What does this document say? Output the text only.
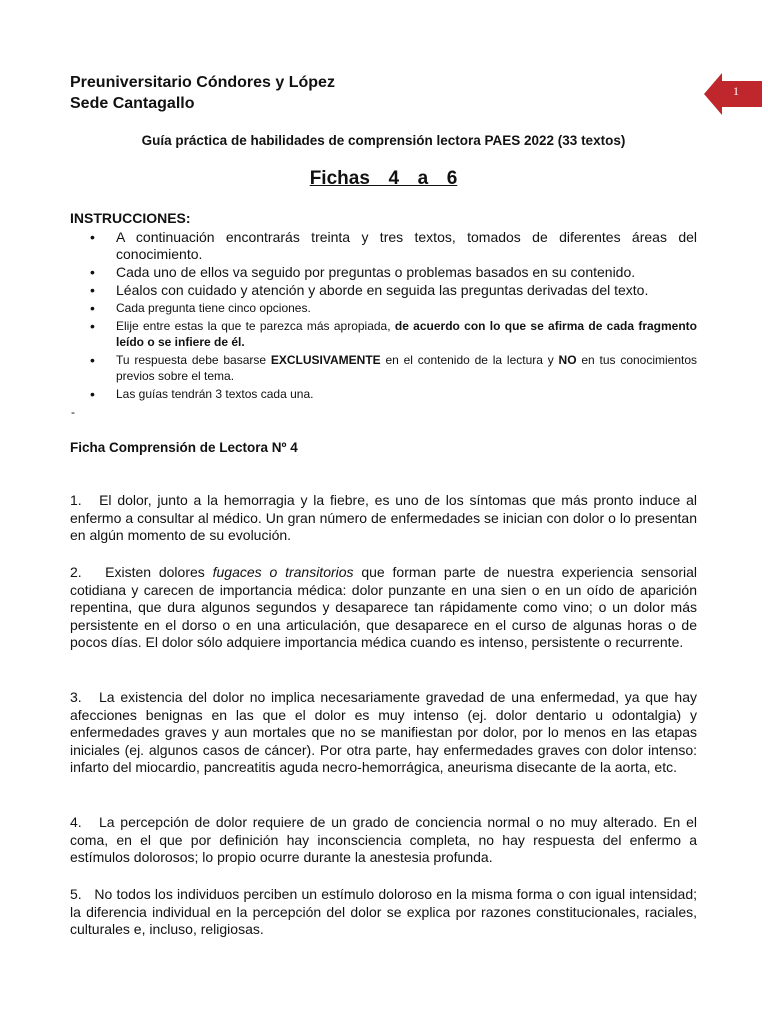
Preuniversitario Cóndores y López
Sede Cantagallo
1
Guía práctica de habilidades de comprensión lectora PAES 2022 (33 textos)
Fichas  4  a  6
INSTRUCCIONES:
• A continuación encontrarás treinta y tres textos, tomados de diferentes áreas del conocimiento.
• Cada uno de ellos va seguido por preguntas o problemas basados en su contenido.
• Léalos con cuidado y atención y aborde en seguida las preguntas derivadas del texto.
• Cada pregunta tiene cinco opciones.
• Elije entre estas la que te parezca más apropiada, de acuerdo con lo que se afirma de cada fragmento leído o se infiere de él.
• Tu respuesta debe basarse EXCLUSIVAMENTE en el contenido de la lectura y NO en tus conocimientos previos sobre el tema.
• Las guías tendrán 3 textos cada una.
-
Ficha Comprensión de Lectora Nº 4

1.   El dolor, junto a la hemorragia y la fiebre, es uno de los síntomas que más pronto induce al enfermo a consultar al médico. Un gran número de enfermedades se inician con dolor o lo presentan en algún momento de su evolución.

2.   Existen dolores fugaces o transitorios que forman parte de nuestra experiencia sensorial cotidiana y carecen de importancia médica: dolor punzante en una sien o en un oído de aparición repentina, que dura algunos segundos y desaparece tan rápidamente como vino; o un dolor más persistente en el dorso o en una articulación, que desaparece en el curso de algunas horas o de pocos días. El dolor sólo adquiere importancia médica cuando es intenso, persistente o recurrente.

3.   La existencia del dolor no implica necesariamente gravedad de una enfermedad, ya que hay afecciones benignas en las que el dolor es muy intenso (ej. dolor dentario u odontalgia) y enfermedades graves y aun mortales que no se manifiestan por dolor, por lo menos en las etapas iniciales (ej. algunos casos de cáncer). Por otra parte, hay enfermedades graves con dolor intenso: infarto del miocardio, pancreatitis aguda necro-hemorrágica, aneurisma disecante de la aorta, etc.

4.   La percepción de dolor requiere de un grado de conciencia normal o no muy alterado. En el coma, en el que por definición hay inconsciencia completa, no hay respuesta del enfermo a estímulos dolorosos; lo propio ocurre durante la anestesia profunda.

5.   No todos los individuos perciben un estímulo doloroso en la misma forma o con igual intensidad; la diferencia individual en la percepción del dolor se explica por razones constitucionales, raciales, culturales e, incluso, religiosas.
